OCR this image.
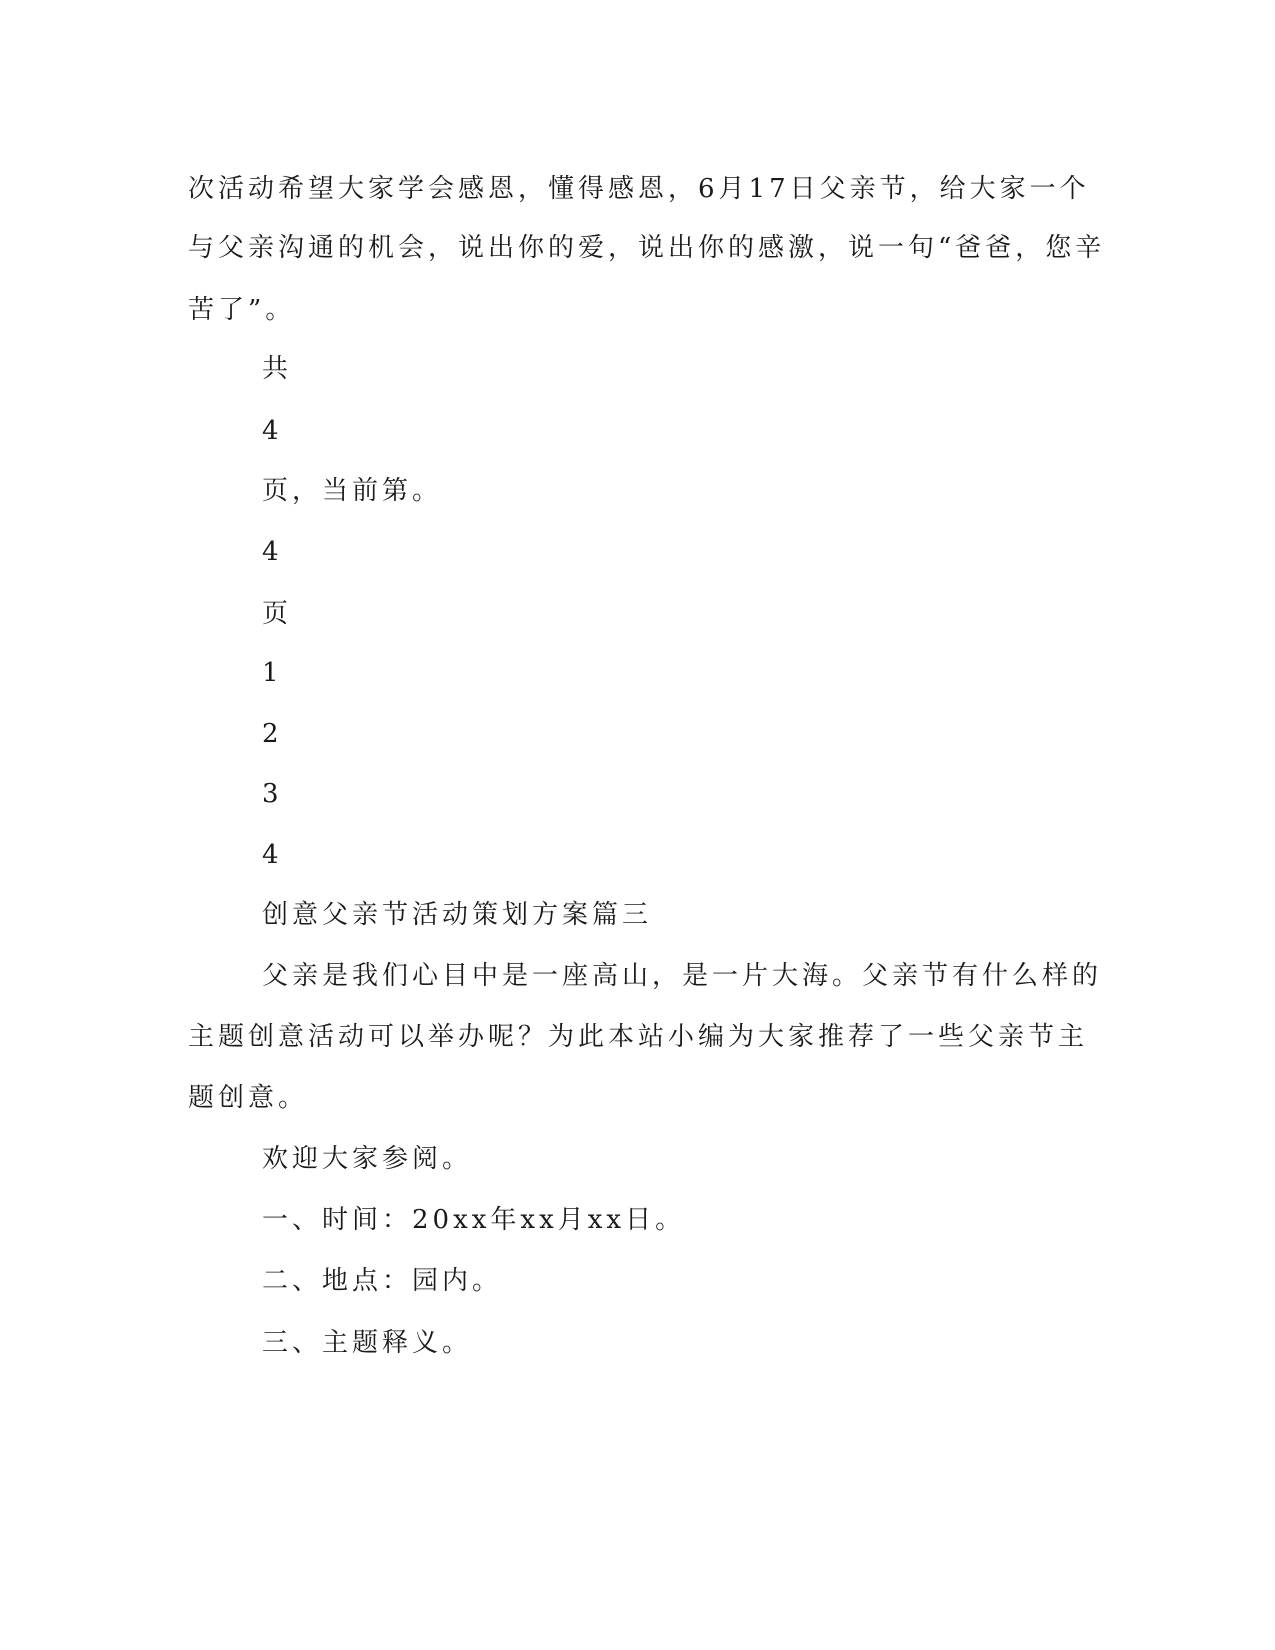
次活动希望大家学会感恩，懂得感恩，6月17日父亲节，给大家一个
与父亲沟通的机会，说出你的爱，说出你的感激，说一句“爸爸，您辛
苦了”。
共
4
页，当前第。
4
页
1
2
3
4
创意父亲节活动策划方案篇三
父亲是我们心目中是一座高山，是一片大海。父亲节有什么样的
主题创意活动可以举办呢？为此本站小编为大家推荐了一些父亲节主
题创意。
欢迎大家参阅。
一、时间：20xx年xx月xx日。
二、地点：园内。
三、主题释义。
